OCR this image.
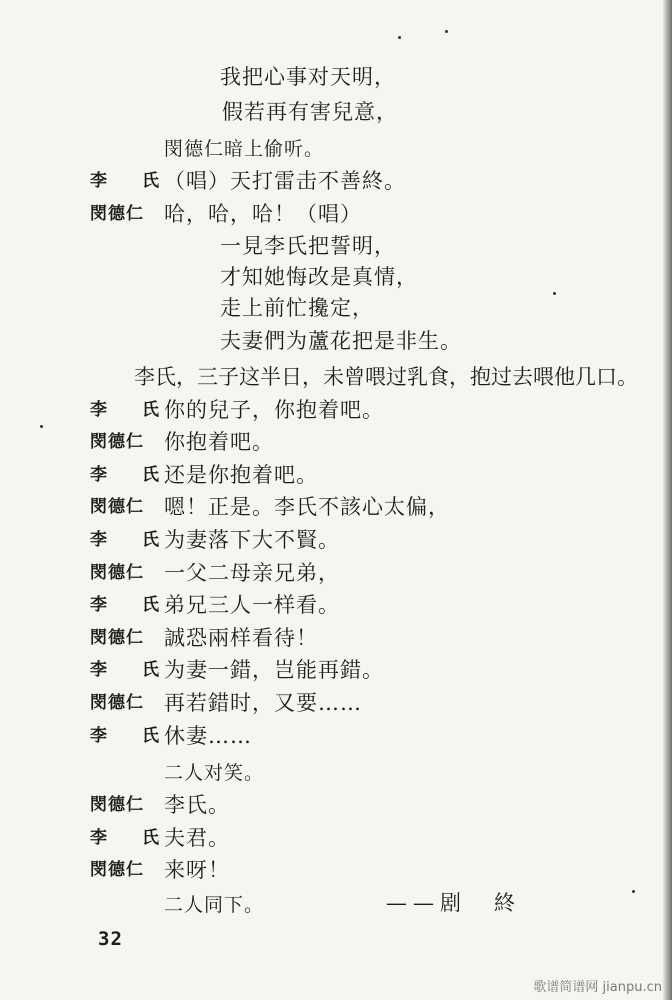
我把心事对天明，
假若再有害兒意，
閔德仁暗上偷听。
李　氏
（唱）天打雷击不善終。
閔德仁 哈，哈，哈！（唱）
一見李氏把誓明，
才知她悔改是真情，
走上前忙攙定，
夫妻們为蘆花把是非生。
李氏，三子这半日，未曾喂过乳食，抱过去喂他几口。
李　氏
你的兒子，你抱着吧。
閔德仁 你抱着吧。
李　氏
还是你抱着吧。
閔德仁 嗯！正是。李氏不該心太偏，
李　氏
为妻落下大不賢。
閔德仁 一父二母亲兄弟，
李　氏
弟兄三人一样看。
閔德仁 誠恐兩样看待！
李　氏
为妻一錯，岂能再錯。
閔德仁 再若錯时，又要……
李　氏
休妻……
二人对笑。
閔德仁 李氏。
李　氏
夫君。
閔德仁 来呀！
二人同下。	——剧　終
32
歌谱简谱网 jianpu.cn
